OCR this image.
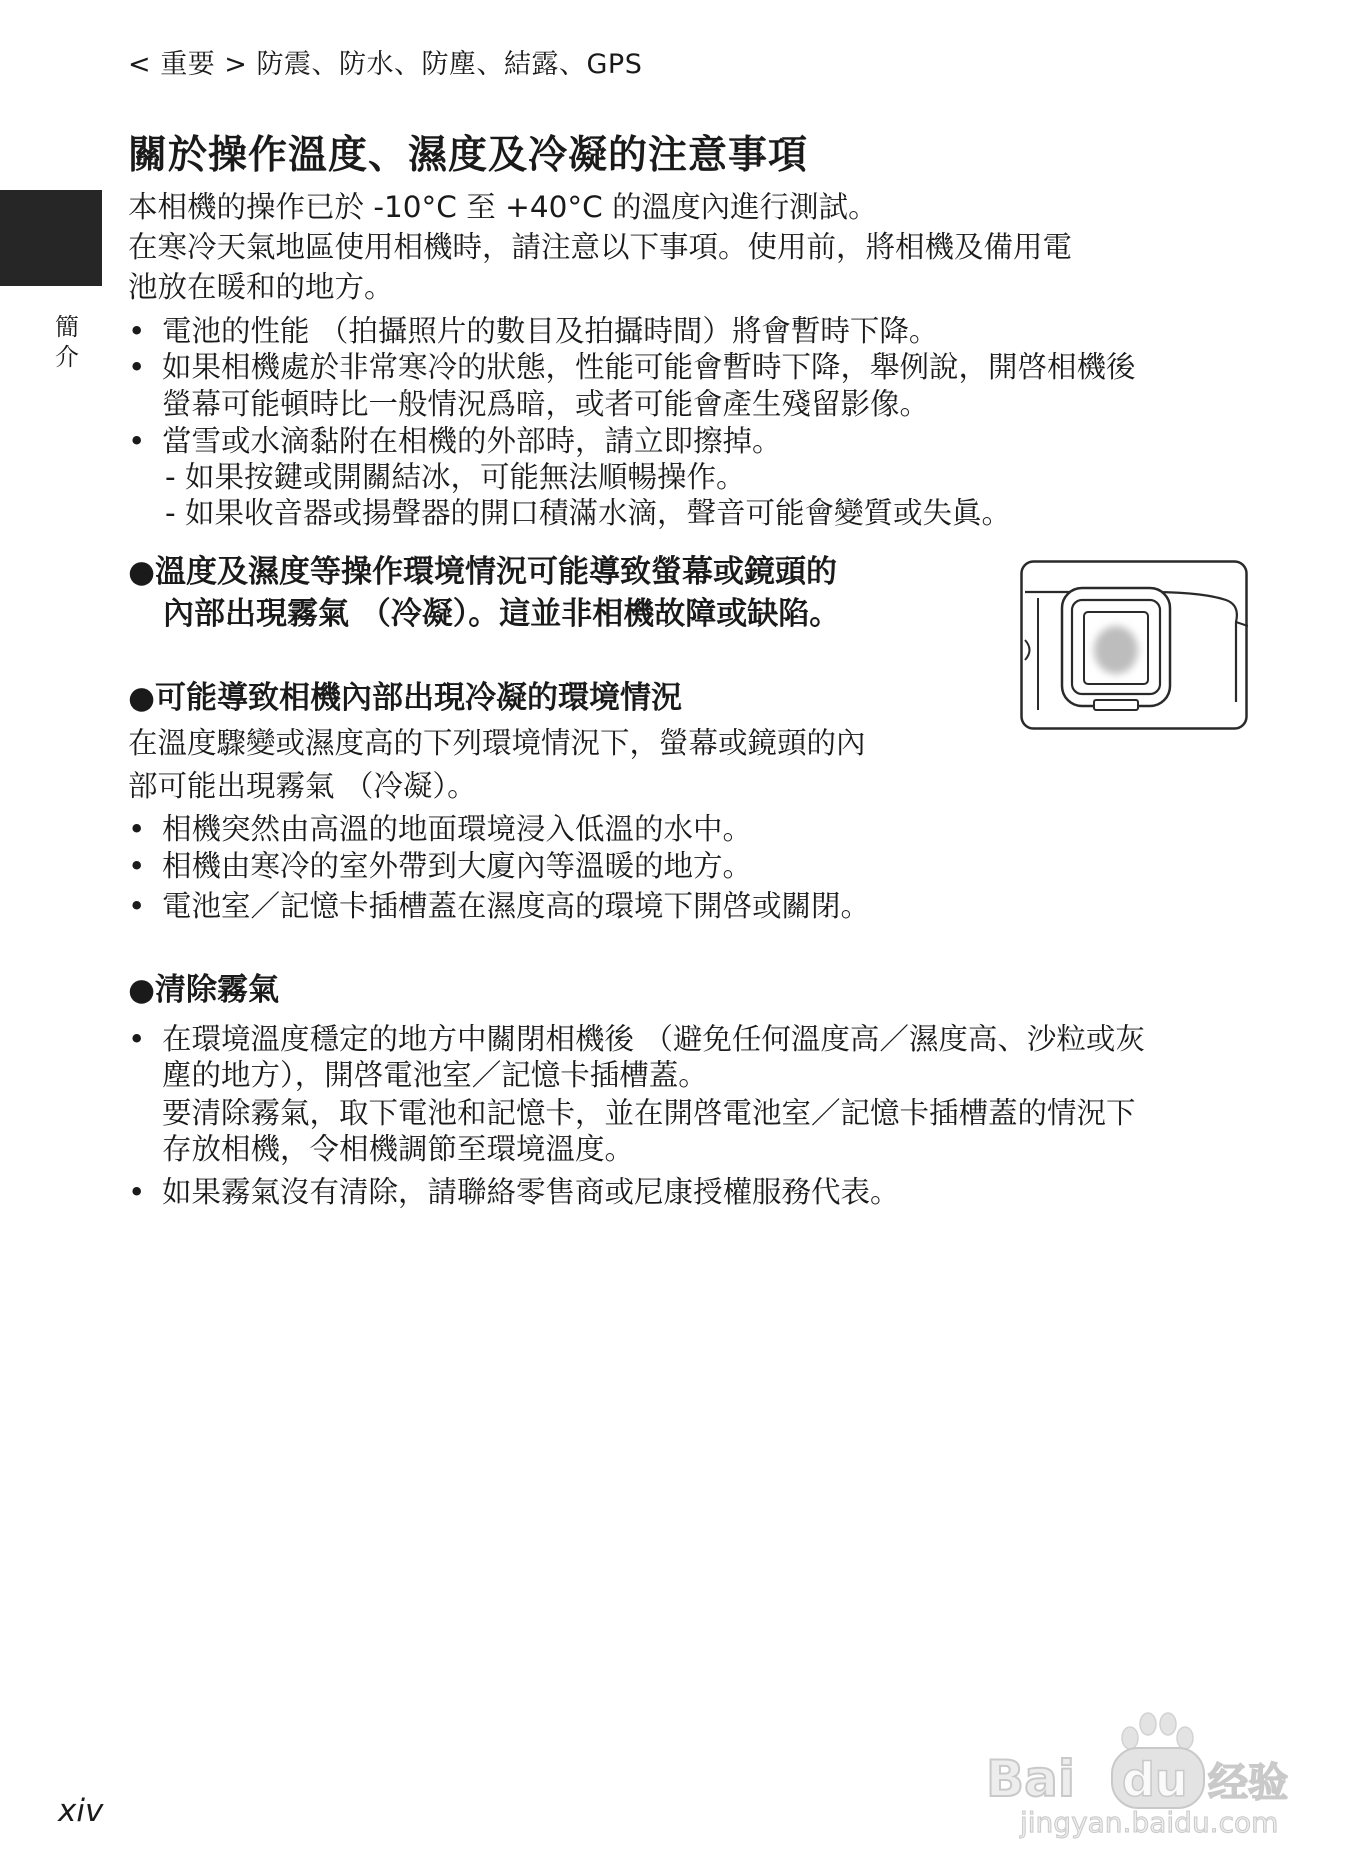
< 重要 > 防震、防水、防塵、結露、GPS
簡
介
關於操作溫度、濕度及冷凝的注意事項

本相機的操作已於 -10°C 至 +40°C 的溫度內進行測試。

在寒冷天氣地區使用相機時，請注意以下事項。使用前，將相機及備用電

池放在暖和的地方。

• 電池的性能 （拍攝照片的數目及拍攝時間）將會暫時下降。
• 如果相機處於非常寒冷的狀態，性能可能會暫時下降，舉例說，開啓相機後
螢幕可能頓時比一般情況爲暗，或者可能會產生殘留影像。
• 當雪或水滴黏附在相機的外部時，請立即擦掉。
- 如果按鍵或開關結冰，可能無法順暢操作。
- 如果收音器或揚聲器的開口積滿水滴，聲音可能會變質或失眞。
●溫度及濕度等操作環境情況可能導致螢幕或鏡頭的
內部出現霧氣 （冷凝）。這並非相機故障或缺陷。
●可能導致相機內部出現冷凝的環境情況

在溫度驟變或濕度高的下列環境情況下，螢幕或鏡頭的內

部可能出現霧氣 （冷凝）。

• 相機突然由高溫的地面環境浸入低溫的水中。
• 相機由寒冷的室外帶到大廈內等溫暖的地方。
• 電池室／記憶卡插槽蓋在濕度高的環境下開啓或關閉。
●清除霧氣
• 在環境溫度穩定的地方中關閉相機後 （避免任何溫度高／濕度高、沙粒或灰
塵的地方），開啓電池室／記憶卡插槽蓋。
要清除霧氣，取下電池和記憶卡，並在開啓電池室／記憶卡插槽蓋的情況下
存放相機，令相機調節至環境溫度。
• 如果霧氣沒有清除，請聯絡零售商或尼康授權服務代表。
xiv
Bai du 经验
jingyan.baidu.com
